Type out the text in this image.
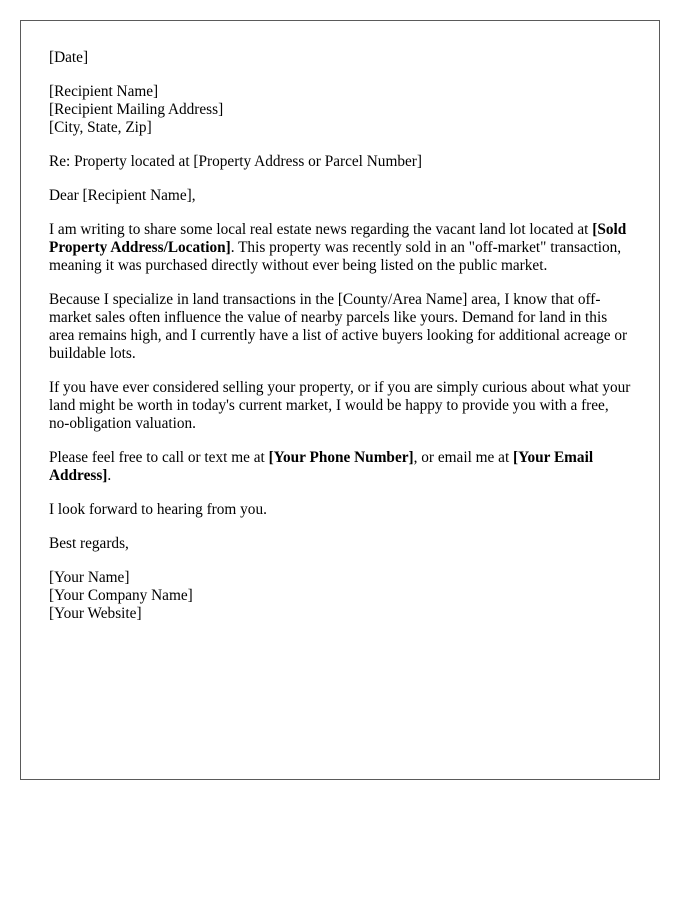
[Date]

[Recipient Name]
[Recipient Mailing Address]
[City, State, Zip]

Re: Property located at [Property Address or Parcel Number]

Dear [Recipient Name],

I am writing to share some local real estate news regarding the vacant land lot located at [Sold Property Address/Location]. This property was recently sold in an "off-market" transaction, meaning it was purchased directly without ever being listed on the public market.

Because I specialize in land transactions in the [County/Area Name] area, I know that off-market sales often influence the value of nearby parcels like yours. Demand for land in this area remains high, and I currently have a list of active buyers looking for additional acreage or buildable lots.

If you have ever considered selling your property, or if you are simply curious about what your land might be worth in today's current market, I would be happy to provide you with a free, no-obligation valuation.

Please feel free to call or text me at [Your Phone Number], or email me at [Your Email Address].

I look forward to hearing from you.

Best regards,

[Your Name]
[Your Company Name]
[Your Website]
